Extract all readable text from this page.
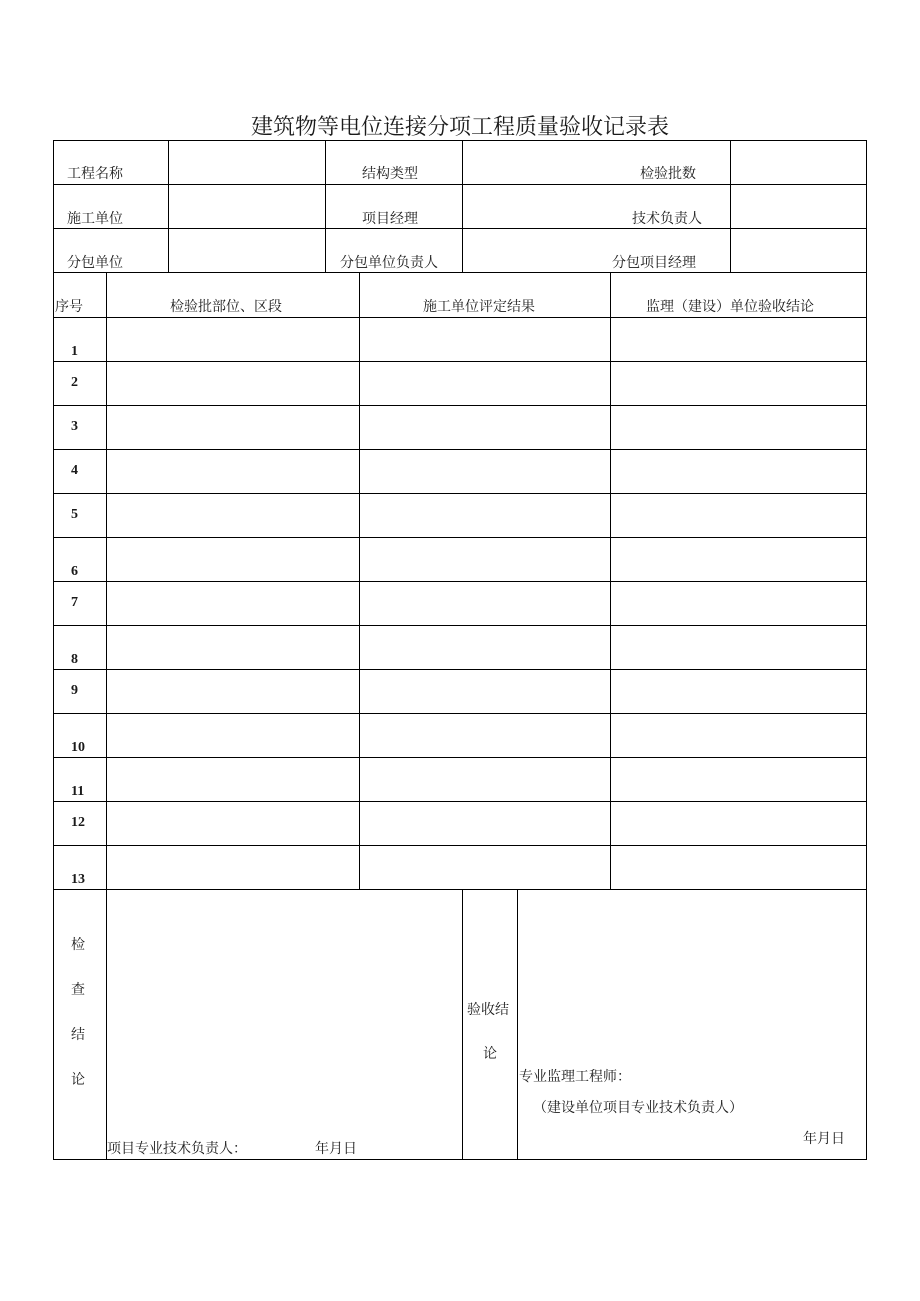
建筑物等电位连接分项工程质量验收记录表
工程名称	结构类型	检验批数
施工单位	项目经理	技术负责人
分包单位	分包单位负责人	分包项目经理
序号	检验批部位、区段	施工单位评定结果	监理（建设）单位验收结论
1
2
3
4
5
6
7
8
9
10
11
12
13
检
查
结
论
项目专业技术负责人：	年月日
验收结
论
专业监理工程师：
（建设单位项目专业技术负责人）
年月日
